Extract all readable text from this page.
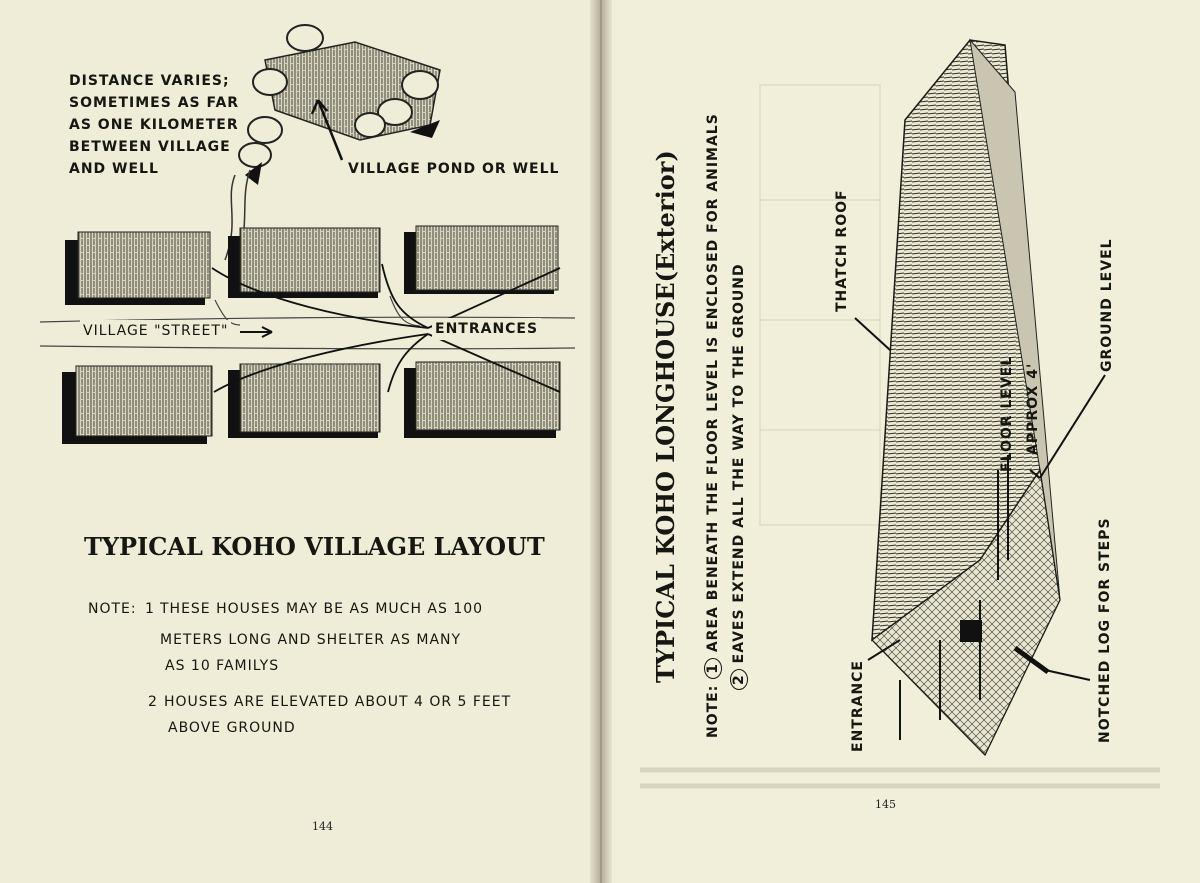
DISTANCE VARIES;
SOMETIMES AS FAR
AS ONE KILOMETER
BETWEEN VILLAGE
AND WELL	VILLAGE POND OR WELL
VILLAGE "STREET"	ENTRANCES
TYPICAL KOHO VILLAGE LAYOUT
NOTE: 1 THESE HOUSES MAY BE AS MUCH AS 100
METERS LONG AND SHELTER AS MANY
AS 10 FAMILYS
2 HOUSES ARE ELEVATED ABOUT 4 OR 5 FEET
ABOVE GROUND
144
TYPICAL KOHO LONGHOUSE(Exterior)
NOTE: 1 AREA BENEATH THE FLOOR LEVEL IS ENCLOSED FOR ANIMALS
2 EAVES EXTEND ALL THE WAY TO THE GROUND
THATCH ROOF
FLOOR LEVEL APPROX 4'
GROUND LEVEL
ENTRANCE	NOTCHED LOG FOR STEPS
145
